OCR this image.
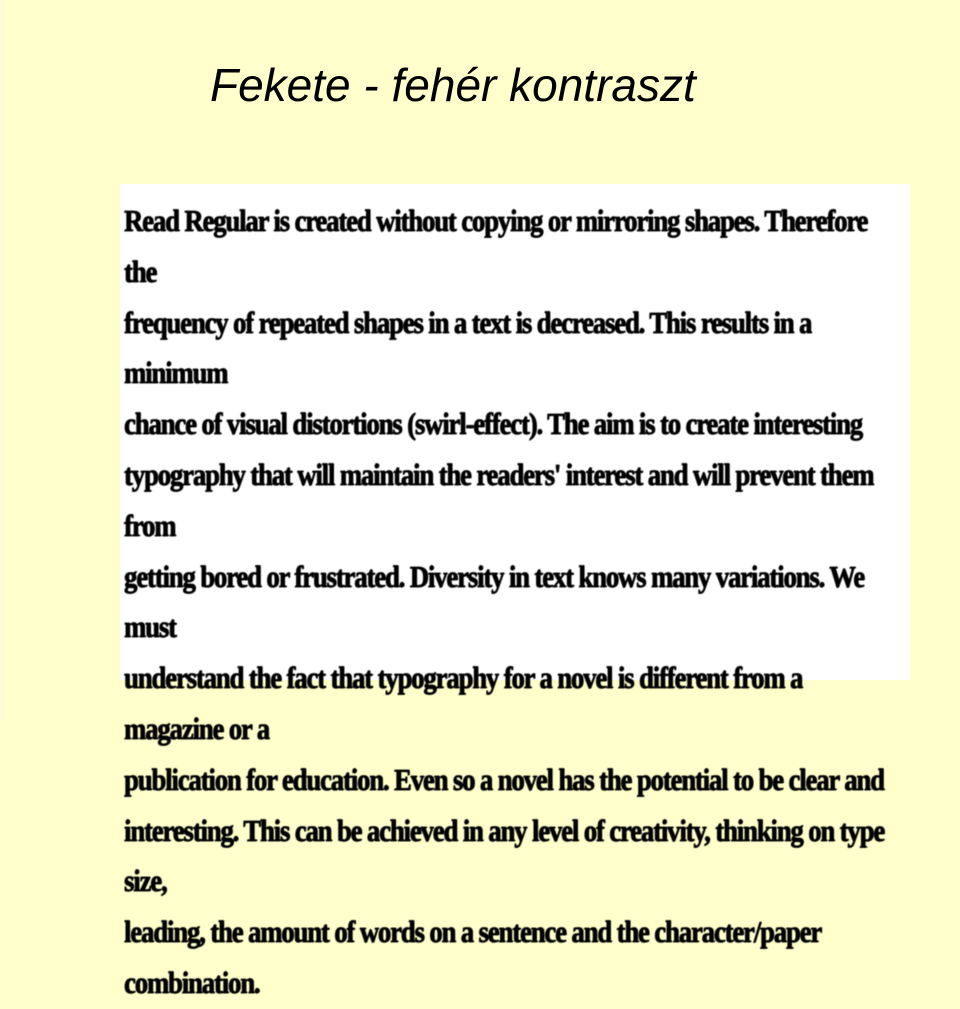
Fekete - fehér kontraszt
Read Regular is created without copying or mirroring shapes. Therefore the
frequency of repeated shapes in a text is decreased. This results in a minimum
chance of visual distortions (swirl-effect). The aim is to create interesting
typography that will maintain the readers' interest and will prevent them from
getting bored or frustrated. Diversity in text knows many variations. We must
understand the fact that typography for a novel is different from a magazine or a
publication for education. Even so a novel has the potential to be clear and
interesting. This can be achieved in any level of creativity, thinking on type size,
leading, the amount of words on a sentence and the character/paper combination.
